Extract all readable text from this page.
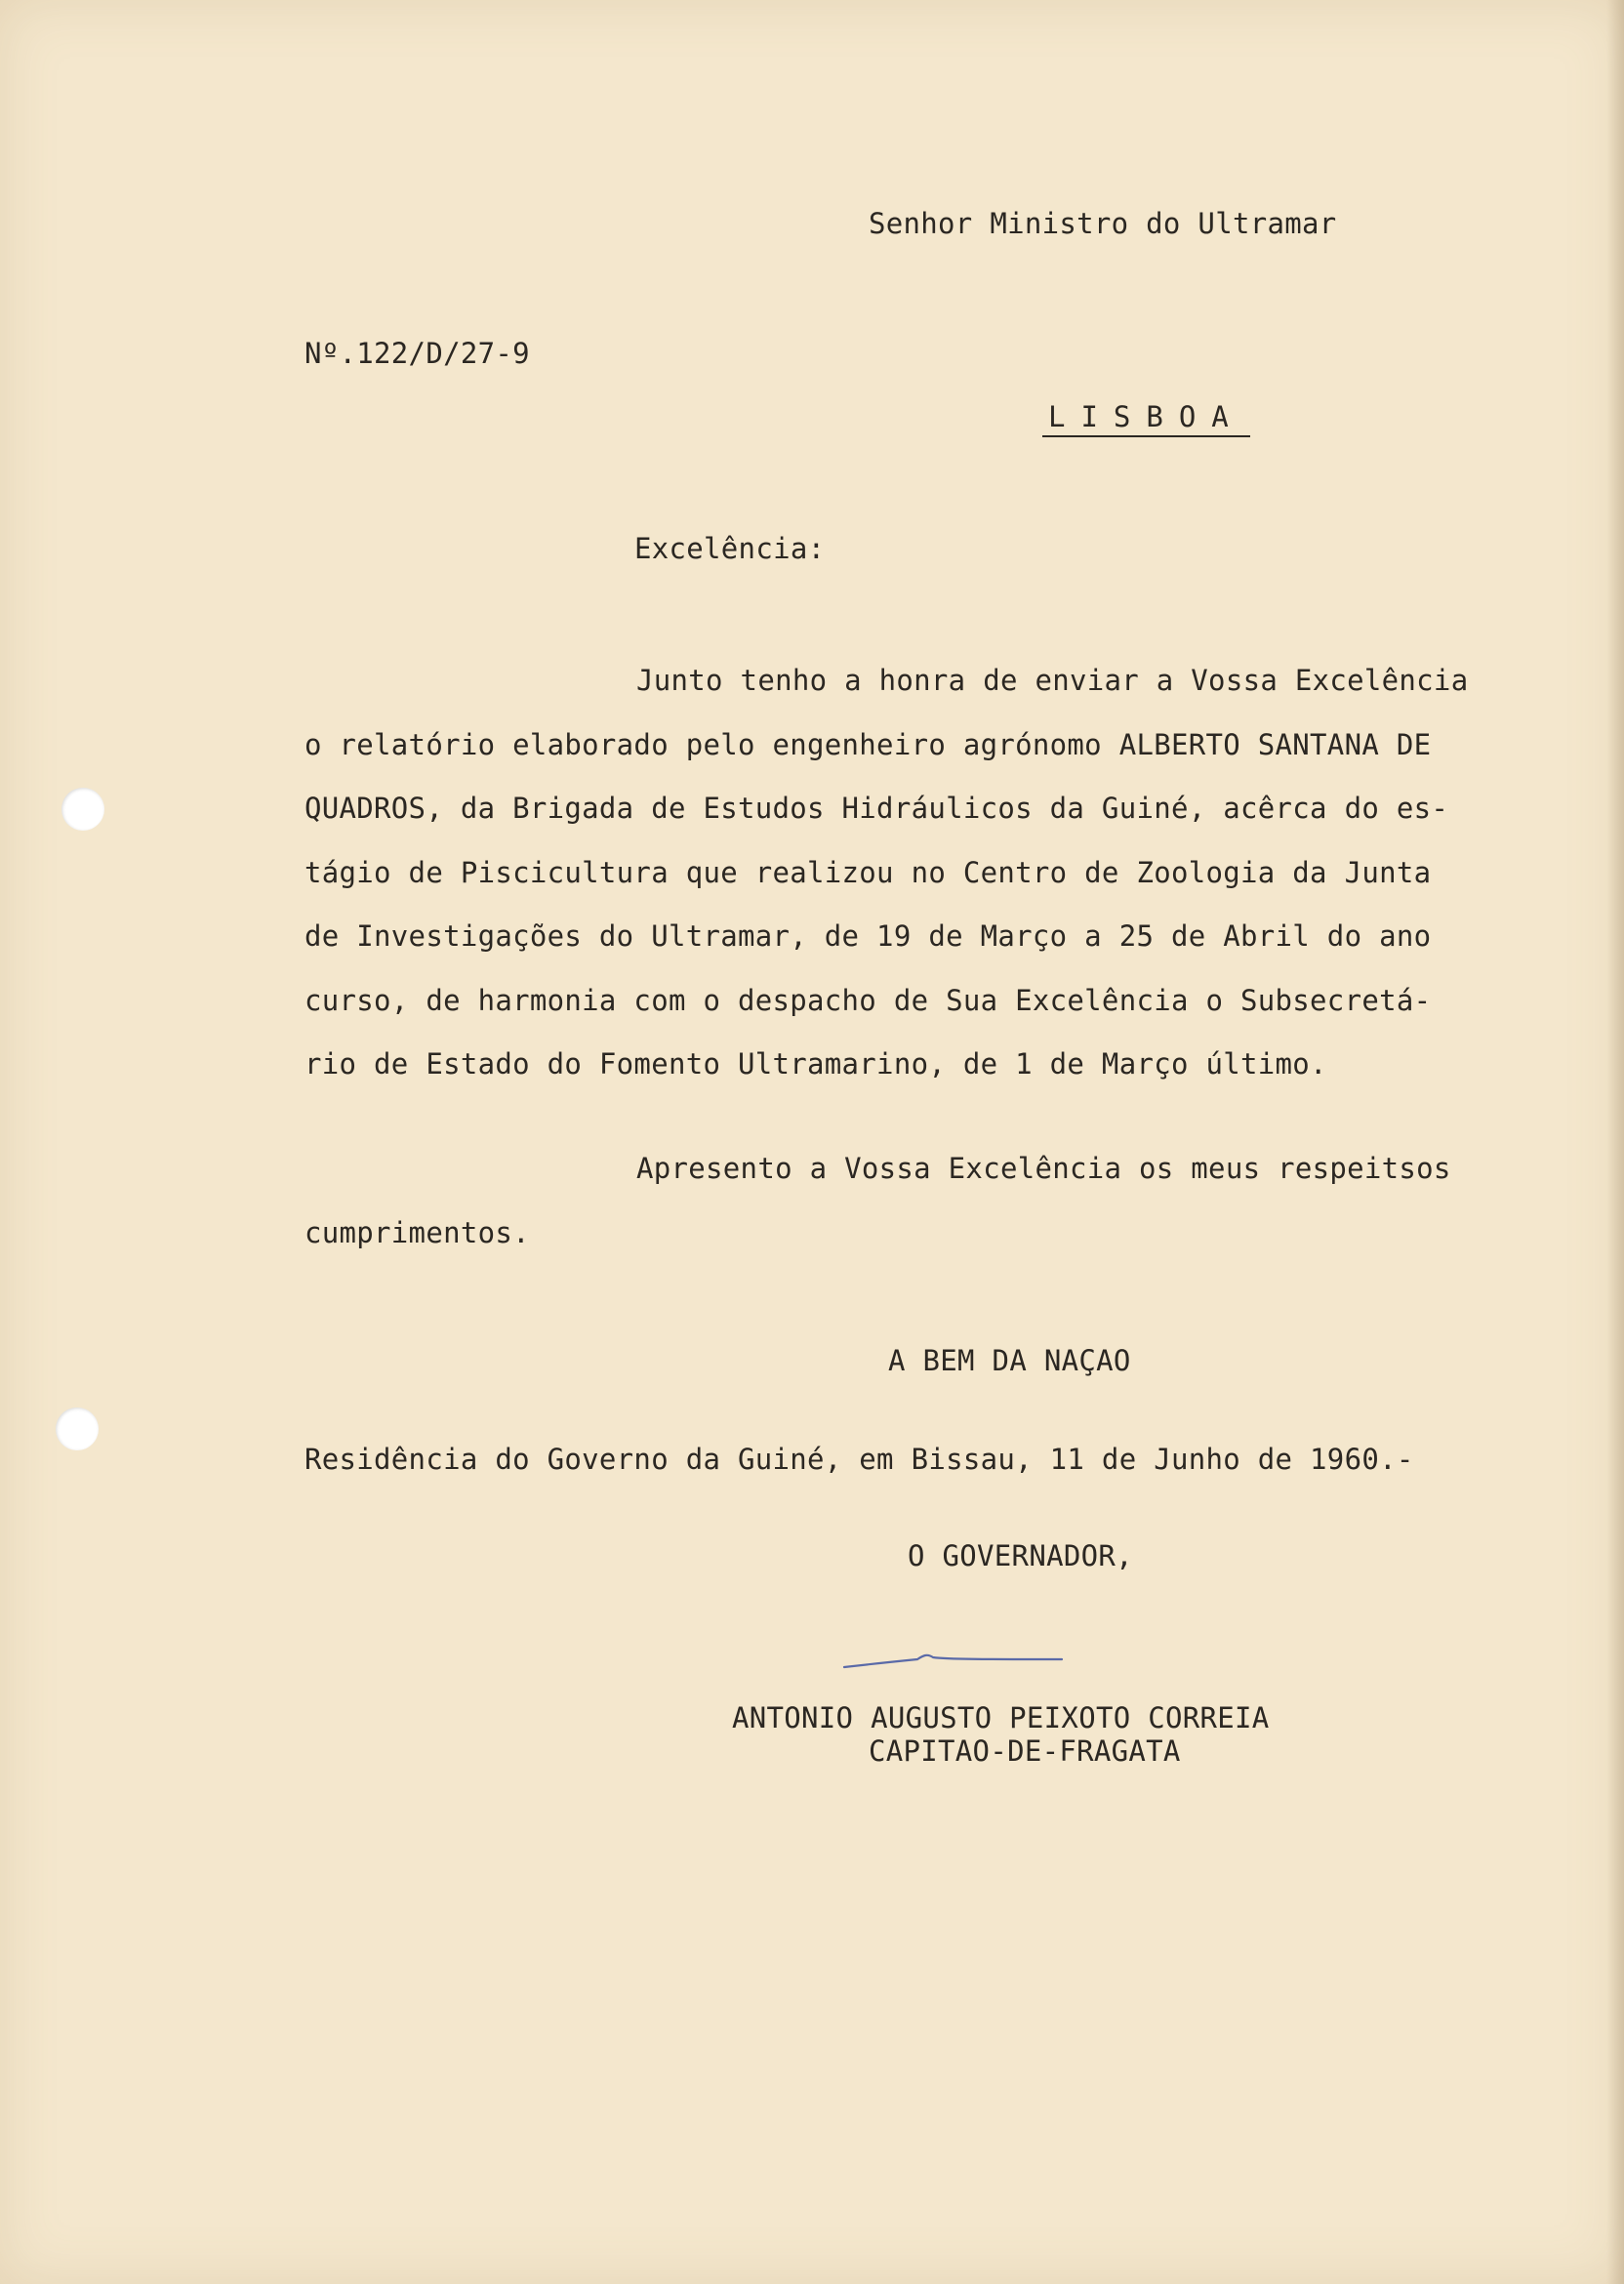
Senhor Ministro do Ultramar
Nº.122/D/27-9
LISBOA
Excelência:
Junto tenho a honra de enviar a Vossa Excelência
o relatório elaborado pelo engenheiro agrónomo ALBERTO SANTANA DE
QUADROS, da Brigada de Estudos Hidráulicos da Guiné, acêrca do es-
tágio de Piscicultura que realizou no Centro de Zoologia da Junta
de Investigações do Ultramar, de 19 de Março a 25 de Abril do ano
curso, de harmonia com o despacho de Sua Excelência o Subsecretá-
rio de Estado do Fomento Ultramarino, de 1 de Março último.
Apresento a Vossa Excelência os meus respeitsos
cumprimentos.
A BEM DA NAÇAO
Residência do Governo da Guiné, em Bissau, 11 de Junho de 1960.-
O GOVERNADOR,
ANTONIO AUGUSTO PEIXOTO CORREIA
CAPITAO-DE-FRAGATA
